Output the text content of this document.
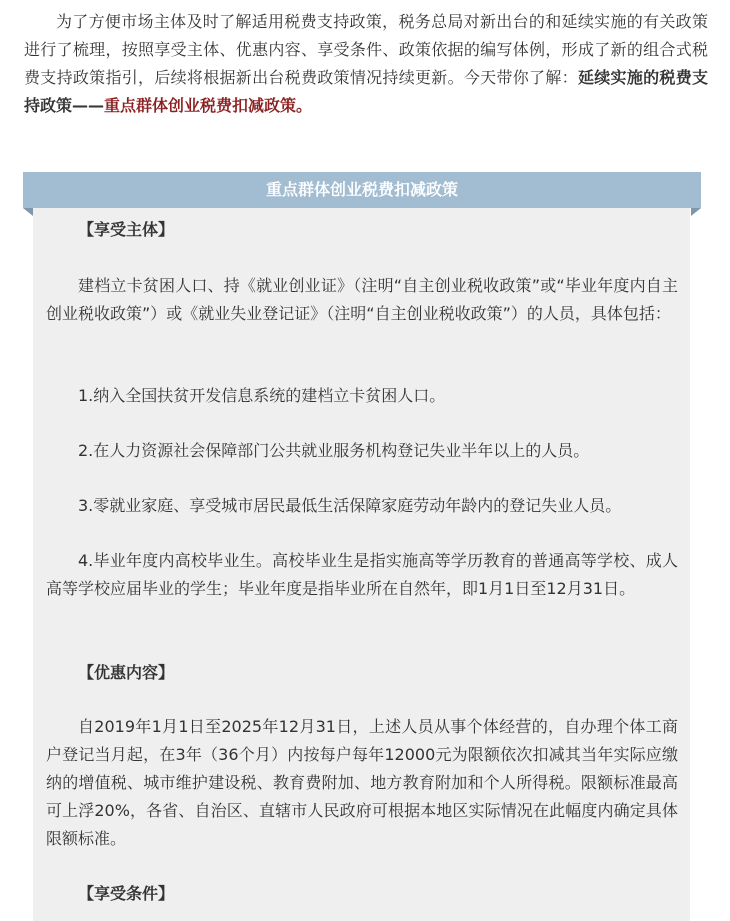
为了方便市场主体及时了解适用税费支持政策，税务总局对新出台的和延续实施的有关政策进行了梳理，按照享受主体、优惠内容、享受条件、政策依据的编写体例，形成了新的组合式税费支持政策指引，后续将根据新出台税费政策情况持续更新。今天带你了解：延续实施的税费支持政策——重点群体创业税费扣减政策。

重点群体创业税费扣减政策

【享受主体】

建档立卡贫困人口、持《就业创业证》（注明“自主创业税收政策”或“毕业年度内自主创业税收政策”）或《就业失业登记证》（注明“自主创业税收政策”）的人员，具体包括：

1.纳入全国扶贫开发信息系统的建档立卡贫困人口。

2.在人力资源社会保障部门公共就业服务机构登记失业半年以上的人员。

3.零就业家庭、享受城市居民最低生活保障家庭劳动年龄内的登记失业人员。

4.毕业年度内高校毕业生。高校毕业生是指实施高等学历教育的普通高等学校、成人高等学校应届毕业的学生；毕业年度是指毕业所在自然年，即1月1日至12月31日。

【优惠内容】

自2019年1月1日至2025年12月31日，上述人员从事个体经营的，自办理个体工商户登记当月起，在3年（36个月）内按每户每年12000元为限额依次扣减其当年实际应缴纳的增值税、城市维护建设税、教育费附加、地方教育附加和个人所得税。限额标准最高可上浮20%，各省、自治区、直辖市人民政府可根据本地区实际情况在此幅度内确定具体限额标准。

【享受条件】
